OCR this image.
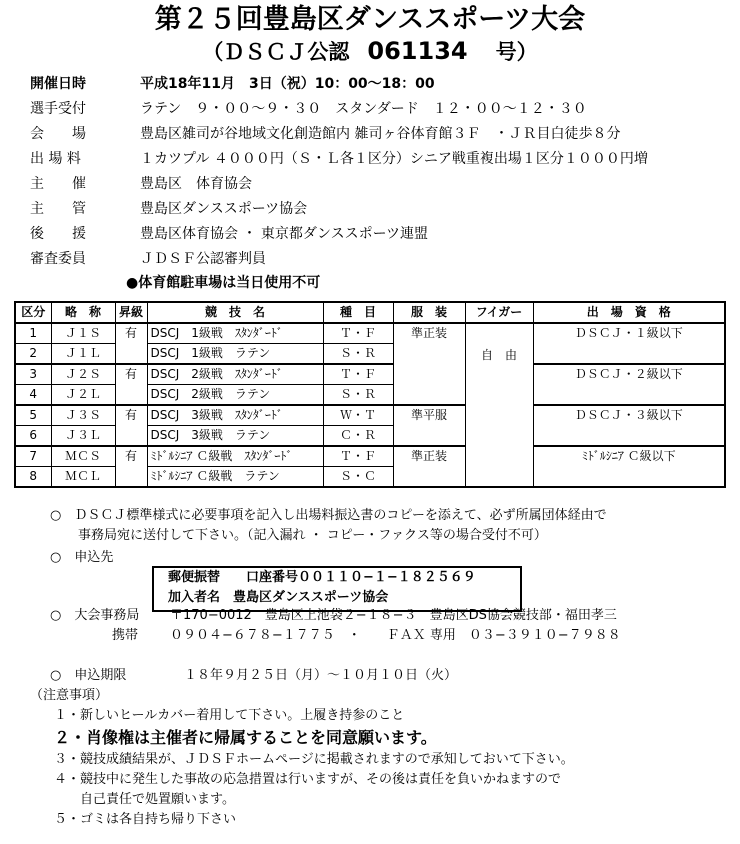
第２５回豊島区ダンススポーツ大会
（ＤＳＣＪ公認 061134 号）
開催日時	平成18年11月　3日（祝）10：00〜18：00
選手受付	ラテン　９・００〜９・３０　スタンダード　１２・００〜１２・３０
会　　場	豊島区雑司が谷地域文化創造館内 雑司ヶ谷体育館３Ｆ　・ＪＲ目白徒歩８分
出 場 料	１カツプル ４０００円（Ｓ・Ｌ各１区分）シニア戦重複出場１区分１０００円増
主　　催	豊島区　体育協会
主　　管	豊島区ダンススポーツ協会
後　　援	豊島区体育協会 ・ 東京都ダンススポーツ連盟
審査委員	ＪＤＳＦ公認審判員
●体育館駐車場は当日使用不可
区分	略　称	昇級	競　技　名	種　目	服　装	フイガー	出　場　資　格
1	Ｊ１Ｓ	有	DSCJ　1級戦　ｽﾀﾝﾀﾞｰﾄﾞ	Ｔ・Ｆ	準正装	自　由	ＤＳＣＪ・１級以下
2	Ｊ１Ｌ		DSCJ　1級戦　ラテン	Ｓ・Ｒ			
3	Ｊ２Ｓ	有	DSCJ　2級戦　ｽﾀﾝﾀﾞｰﾄﾞ	Ｔ・Ｆ			ＤＳＣＪ・２級以下
4	Ｊ２Ｌ		DSCJ　2級戦　ラテン	Ｓ・Ｒ			
5	Ｊ３Ｓ	有	DSCJ　3級戦　ｽﾀﾝﾀﾞｰﾄﾞ	Ｗ・Ｔ	準平服		ＤＳＣＪ・３級以下
6	Ｊ３Ｌ		DSCJ　3級戦　ラテン	Ｃ・Ｒ			
7	ＭＣＳ	有	ﾐﾄﾞﾙｼﾆｱ Ｃ級戦　ｽﾀﾝﾀﾞｰﾄﾞ	Ｔ・Ｆ	準正装		ﾐﾄﾞﾙｼﾆｱ Ｃ級以下
8	ＭＣＬ		ﾐﾄﾞﾙｼﾆｱ Ｃ級戦　ラテン	Ｓ・Ｃ			
○　ＤＳＣＪ標準様式に必要事項を記入し出場料振込書のコピーを添えて、必ず所属団体経由で
事務局宛に送付して下さい。（記入漏れ ・ コピー・ファクス等の場合受付不可）
○　申込先
郵便振替　　口座番号００１１０−１−１８２５６９
加入者名　豊島区ダンススポーツ協会
○　大会事務局 〒170−0012　豊島区上池袋２−１８−３　豊島区DS協会競技部・福田孝三
携帯 ０９０４−６７８−１７７５　・　　ＦＡＸ 専用　０３−３９１０−７９８８
○　申込期限	１８年９月２５日（月）〜１０月１０日（火）
（注意事項）
１・新しいヒールカバー着用して下さい。上履き持参のこと
２・肖像権は主催者に帰属することを同意願います。
３・競技成績結果が、ＪＤＳＦホームページに掲載されますので承知しておいて下さい。
４・競技中に発生した事故の応急措置は行いますが、その後は責任を負いかねますので
自己責任で処置願います。
５・ゴミは各自持ち帰り下さい
